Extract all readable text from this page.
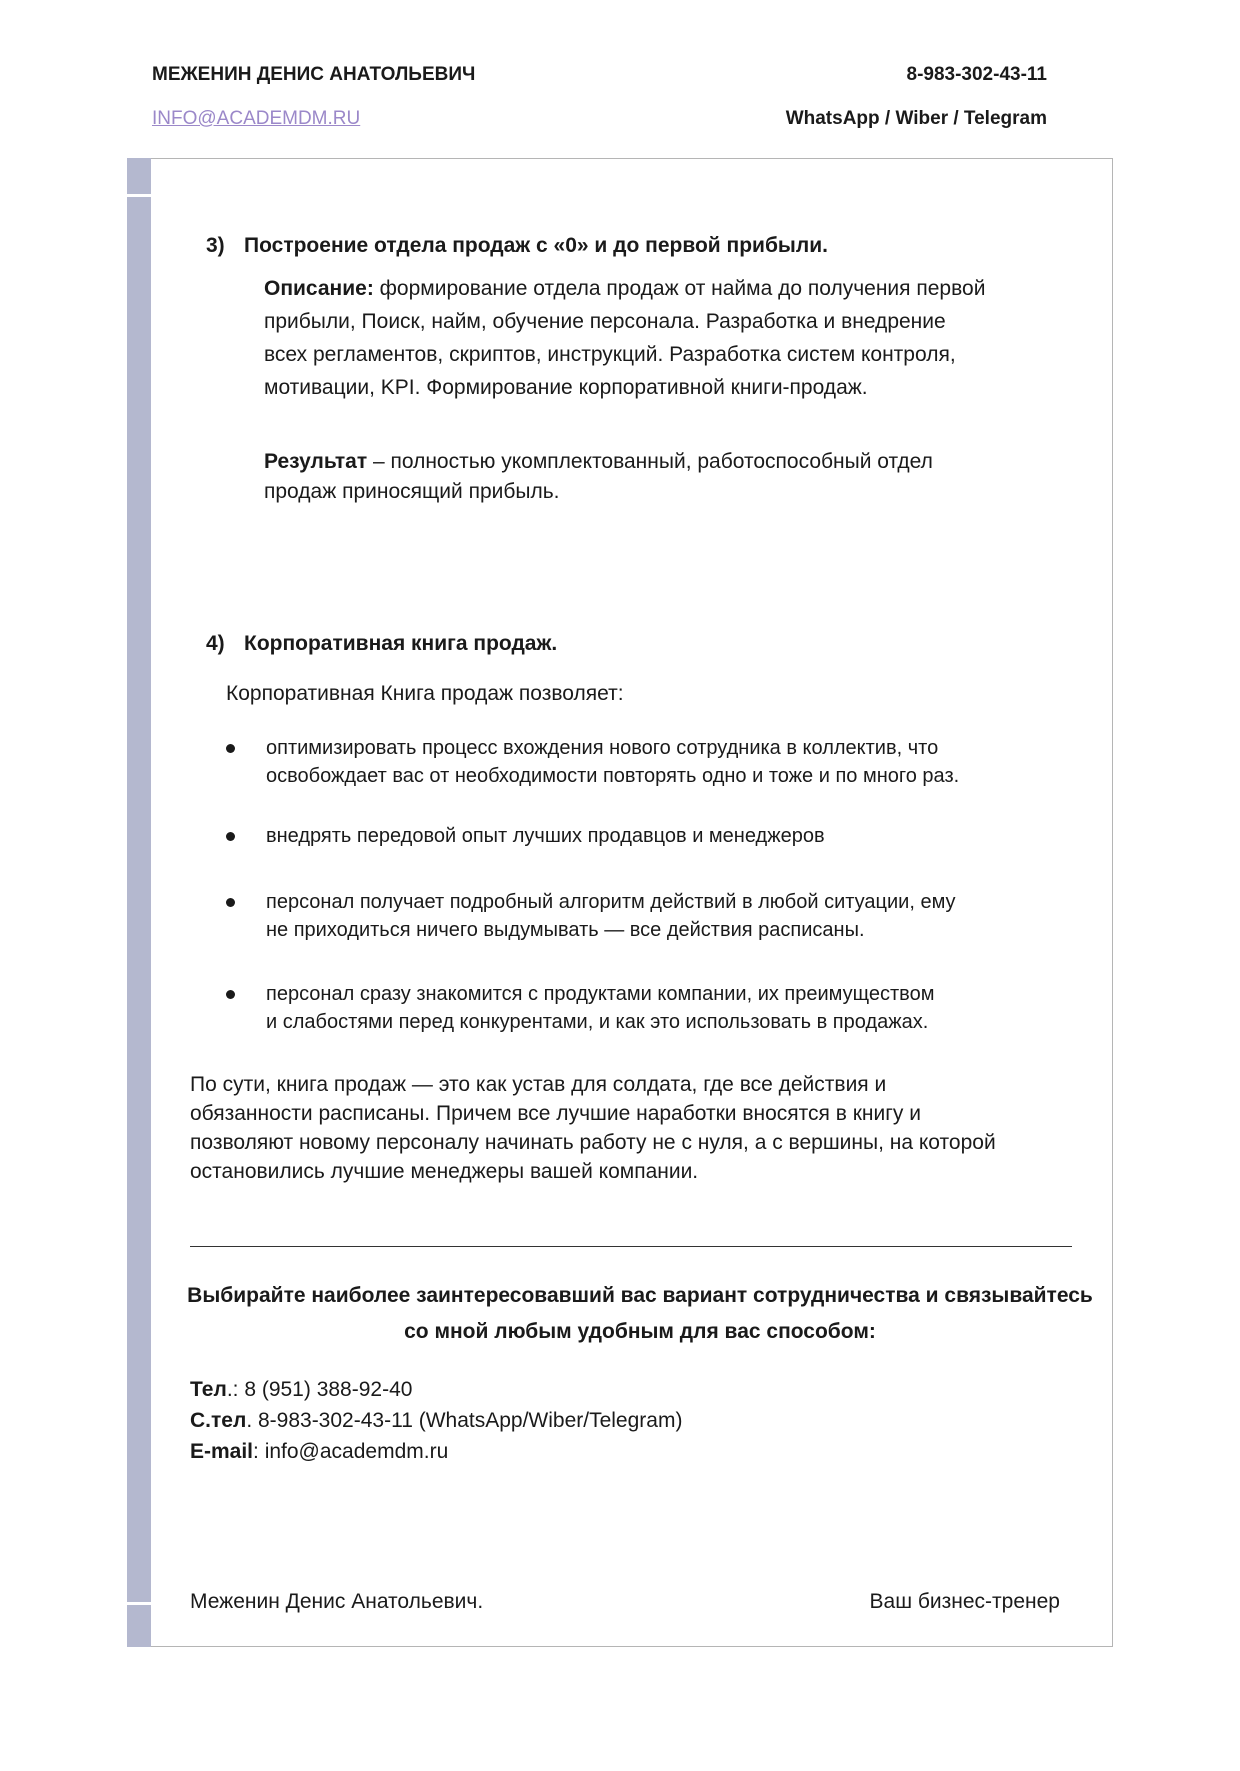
МЕЖЕНИН ДЕНИС АНАТОЛЬЕВИЧ	8-983-302-43-11
INFO@ACADEMDM.RU	WhatsApp / Wiber / Telegram
3) Построение отдела продаж с «0» и до первой прибыли.
Описание: формирование отдела продаж от найма до получения первой
прибыли, Поиск, найм, обучение персонала. Разработка и внедрение
всех регламентов, скриптов, инструкций. Разработка систем контроля,
мотивации, KPI. Формирование корпоративной книги-продаж.
Результат – полностью укомплектованный, работоспособный отдел
продаж приносящий прибыль.
4) Корпоративная книга продаж.
Корпоративная Книга продаж позволяет:
оптимизировать процесс вхождения нового сотрудника в коллектив, что
освобождает вас от необходимости повторять одно и тоже и по много раз.
внедрять передовой опыт лучших продавцов и менеджеров
персонал получает подробный алгоритм действий в любой ситуации, ему
не приходиться ничего выдумывать — все действия расписаны.
персонал сразу знакомится с продуктами компании, их преимуществом
и слабостями перед конкурентами, и как это использовать в продажах.
По сути, книга продаж — это как устав для солдата, где все действия и
обязанности расписаны. Причем все лучшие наработки вносятся в книгу и
позволяют новому персоналу начинать работу не с нуля, а с вершины, на которой
остановились лучшие менеджеры вашей компании.
Выбирайте наиболее заинтересовавший вас вариант сотрудничества и связывайтесь
со мной любым удобным для вас способом:
Тел.: 8 (951) 388-92-40
С.тел. 8-983-302-43-11 (WhatsApp/Wiber/Telegram)
E-mail: info@academdm.ru
Меженин Денис Анатольевич.	Ваш бизнес-тренер
